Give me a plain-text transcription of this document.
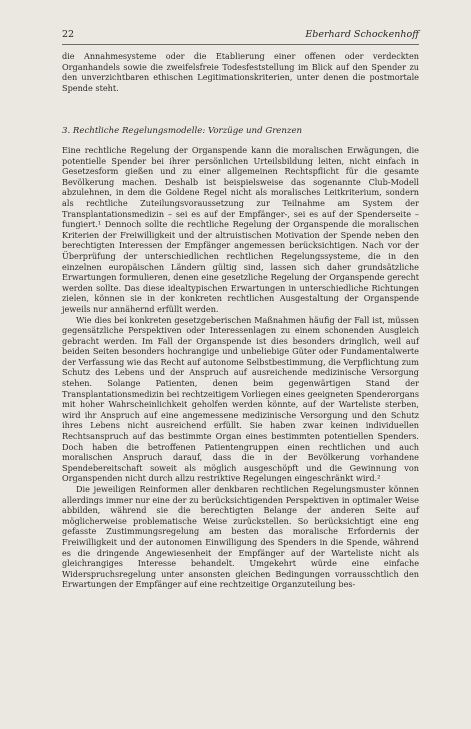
22	Eberhard Schockenhoff

die Annahmesysteme oder die Etablierung einer offenen oder verdeckten Organhandels sowie die zweifelsfreie Todesfeststellung im Blick auf den Spender zu den unverzichtbaren ethischen Legitimationskriterien, unter denen die postmortale Spende steht.

3. Rechtliche Regelungsmodelle: Vorzüge und Grenzen

Eine rechtliche Regelung der Organspende kann die moralischen Erwägungen, die potentielle Spender bei ihrer persönlichen Urteilsbildung leiten, nicht einfach in Gesetzesform gießen und zu einer allgemeinen Rechtspflicht für die gesamte Bevölkerung machen. Deshalb ist beispielsweise das sogenannte Club-Modell abzulehnen, in dem die Goldene Regel nicht als moralisches Leitkriterium, sondern als rechtliche Zuteilungsvoraussetzung zur Teilnahme am System der Transplantationsmedizin – sei es auf der Empfänger-, sei es auf der Spenderseite – fungiert.¹ Dennoch sollte die rechtliche Regelung der Organspende die moralischen Kriterien der Freiwilligkeit und der altruistischen Motivation der Spende neben den berechtigten Interessen der Empfänger angemessen berücksichtigen. Nach vor der Überprüfung der unterschiedlichen rechtlichen Regelungssysteme, die in den einzelnen europäischen Ländern gültig sind, lassen sich daher grundsätzliche Erwartungen formulieren, denen eine gesetzliche Regelung der Organspende gerecht werden sollte. Das diese idealtypischen Erwartungen in unterschiedliche Richtungen zielen, können sie in der konkreten rechtlichen Ausgestaltung der Organspende jeweils nur annähernd erfüllt werden.

Wie dies bei konkreten gesetzgeberischen Maßnahmen häufig der Fall ist, müssen gegensätzliche Perspektiven oder Interessenlagen zu einem schonenden Ausgleich gebracht werden. Im Fall der Organspende ist dies besonders dringlich, weil auf beiden Seiten besonders hochrangige und unbeliebige Güter oder Fundamentalwerte der Verfassung wie das Recht auf autonome Selbstbestimmung, die Verpflichtung zum Schutz des Lebens und der Anspruch auf ausreichende medizinische Versorgung stehen. Solange Patienten, denen beim gegenwärtigen Stand der Transplantationsmedizin bei rechtzeitigem Vorliegen eines geeigneten Spenderorgans mit hoher Wahrscheinlichkeit geholfen werden könnte, auf der Warteliste sterben, wird ihr Anspruch auf eine angemessene medizinische Versorgung und den Schutz ihres Lebens nicht ausreichend erfüllt. Sie haben zwar keinen individuellen Rechtsanspruch auf das bestimmte Organ eines bestimmten potentiellen Spenders. Doch haben die betroffenen Patientengruppen einen rechtlichen und auch moralischen Anspruch darauf, dass die in der Bevölkerung vorhandene Spendebereitschaft soweit als möglich ausgeschöpft und die Gewinnung von Organspenden nicht durch allzu restriktive Regelungen eingeschränkt wird.²

Die jeweiligen Reinformen aller denkbaren rechtlichen Regelungsmuster können allerdings immer nur eine der zu berücksichtigenden Perspektiven in optimaler Weise abbilden, während sie die berechtigten Belange der anderen Seite auf möglicherweise problematische Weise zurückstellen. So berücksichtigt eine eng gefasste Zustimmungsregelung am besten das moralische Erfordernis der Freiwilligkeit und der autonomen Einwilligung des Spenders in die Spende, während es die dringende Angewiesenheit der Empfänger auf der Warteliste nicht als gleichrangiges Interesse behandelt. Umgekehrt würde eine einfache Widerspruchsregelung unter ansonsten gleichen Bedingungen vorrausschtlich den Erwartungen der Empfänger auf eine rechtzeitige Organzuteilung bes-
